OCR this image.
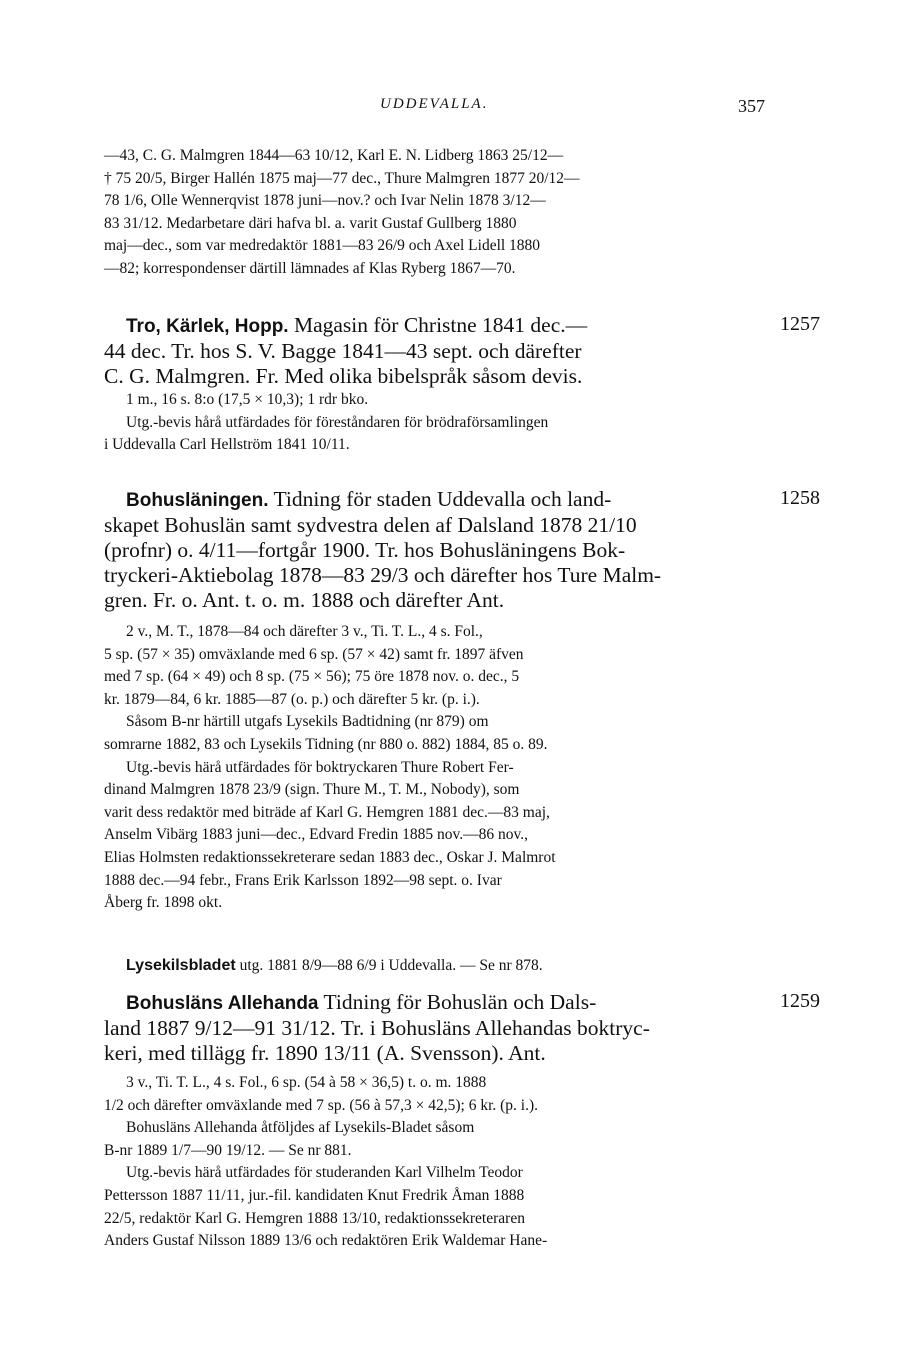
UDDEVALLA.	357

—43, C. G. Malmgren 1844—63 10/12, Karl E. N. Lidberg 1863 25/12—

† 75 20/5, Birger Hallén 1875 maj—77 dec., Thure Malmgren 1877 20/12—

78 1/6, Olle Wennerqvist 1878 juni—nov.? och Ivar Nelin 1878 3/12—

83 31/12. Medarbetare däri hafva bl. a. varit Gustaf Gullberg 1880

maj—dec., som var medredaktör 1881—83 26/9 och Axel Lidell 1880

—82; korrespondenser därtill lämnades af Klas Ryberg 1867—70.

1257

Tro, Kärlek, Hopp. Magasin för Christne 1841 dec.—

44 dec. Tr. hos S. V. Bagge 1841—43 sept. och därefter

C. G. Malmgren. Fr. Med olika bibelspråk såsom devis.

1 m., 16 s. 8:o (17,5 × 10,3); 1 rdr bko.

Utg.-bevis hårå utfärdades för föreståndaren för brödraförsamlingen

i Uddevalla Carl Hellström 1841 10/11.

1258

Bohusläningen. Tidning för staden Uddevalla och land-

skapet Bohuslän samt sydvestra delen af Dalsland 1878 21/10

(profnr) o. 4/11—fortgår 1900. Tr. hos Bohusläningens Bok-

tryckeri-Aktiebolag 1878—83 29/3 och därefter hos Ture Malm-

gren. Fr. o. Ant. t. o. m. 1888 och därefter Ant.

2 v., M. T., 1878—84 och därefter 3 v., Ti. T. L., 4 s. Fol.,

5 sp. (57 × 35) omväxlande med 6 sp. (57 × 42) samt fr. 1897 äfven

med 7 sp. (64 × 49) och 8 sp. (75 × 56); 75 öre 1878 nov. o. dec., 5

kr. 1879—84, 6 kr. 1885—87 (o. p.) och därefter 5 kr. (p. i.).

Såsom B-nr härtill utgafs Lysekils Badtidning (nr 879) om

somrarne 1882, 83 och Lysekils Tidning (nr 880 o. 882) 1884, 85 o. 89.

Utg.-bevis härå utfärdades för boktryckaren Thure Robert Fer-

dinand Malmgren 1878 23/9 (sign. Thure M., T. M., Nobody), som

varit dess redaktör med biträde af Karl G. Hemgren 1881 dec.—83 maj,

Anselm Vibärg 1883 juni—dec., Edvard Fredin 1885 nov.—86 nov.,

Elias Holmsten redaktionssekreterare sedan 1883 dec., Oskar J. Malmrot

1888 dec.—94 febr., Frans Erik Karlsson 1892—98 sept. o. Ivar

Åberg fr. 1898 okt.

Lysekilsbladet utg. 1881 8/9—88 6/9 i Uddevalla. — Se nr 878.

1259

Bohusläns Allehanda Tidning för Bohuslän och Dals-

land 1887 9/12—91 31/12. Tr. i Bohusläns Allehandas boktryc-

keri, med tillägg fr. 1890 13/11 (A. Svensson). Ant.

3 v., Ti. T. L., 4 s. Fol., 6 sp. (54 à 58 × 36,5) t. o. m. 1888

1/2 och därefter omväxlande med 7 sp. (56 à 57,3 × 42,5); 6 kr. (p. i.).

Bohusläns Allehanda åtföljdes af Lysekils-Bladet såsom

B-nr 1889 1/7—90 19/12. — Se nr 881.

Utg.-bevis härå utfärdades för studeranden Karl Vilhelm Teodor

Pettersson 1887 11/11, jur.-fil. kandidaten Knut Fredrik Åman 1888

22/5, redaktör Karl G. Hemgren 1888 13/10, redaktionssekreteraren

Anders Gustaf Nilsson 1889 13/6 och redaktören Erik Waldemar Hane-
